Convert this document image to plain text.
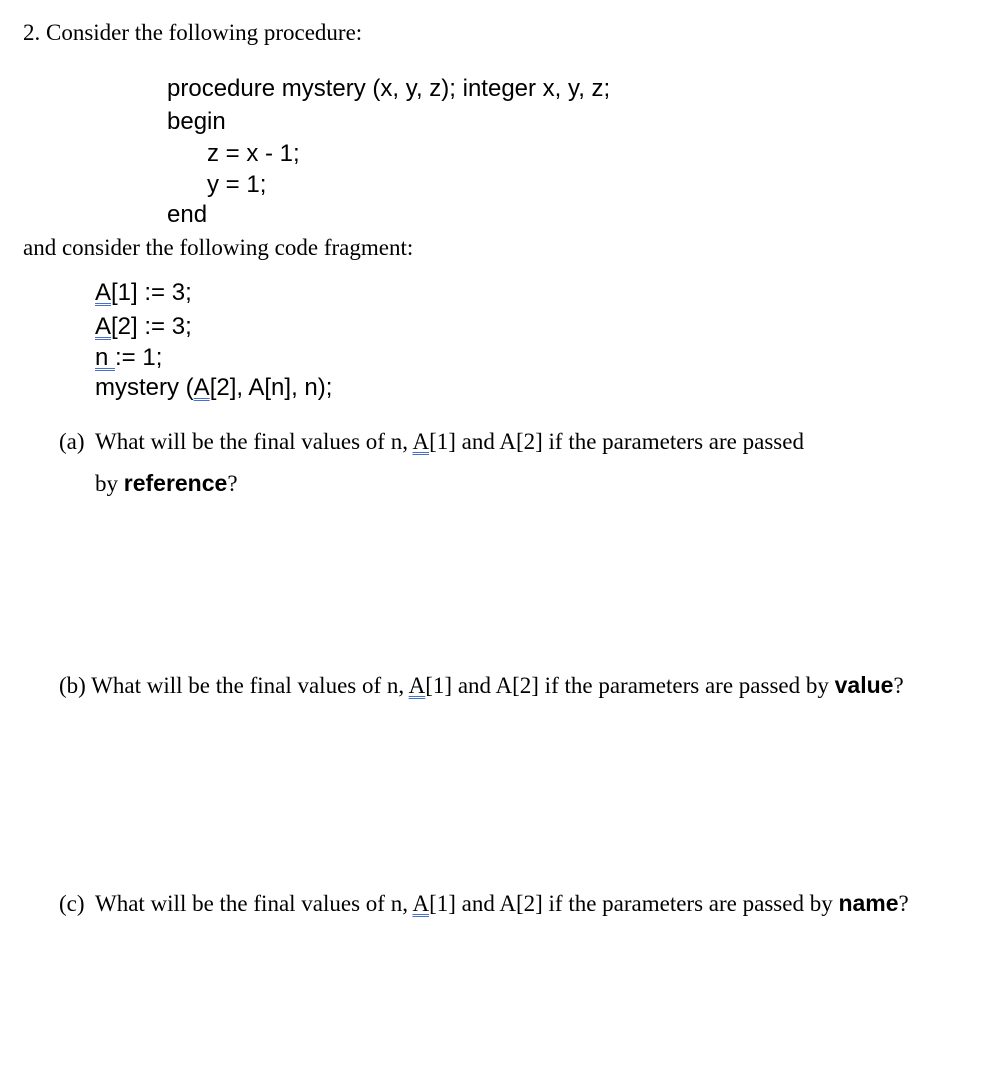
2. Consider the following procedure:
procedure mystery (x, y, z); integer x, y, z;
begin
z = x - 1;
y = 1;
end
and consider the following code fragment:
A[1] := 3;
A[2] := 3;
n := 1;
mystery (A[2], A[n], n);
(a) What will be the final values of n, A[1] and A[2] if the parameters are passed
by reference?
(b) What will be the final values of n, A[1] and A[2] if the parameters are passed by value?
(c) What will be the final values of n, A[1] and A[2] if the parameters are passed by name?
